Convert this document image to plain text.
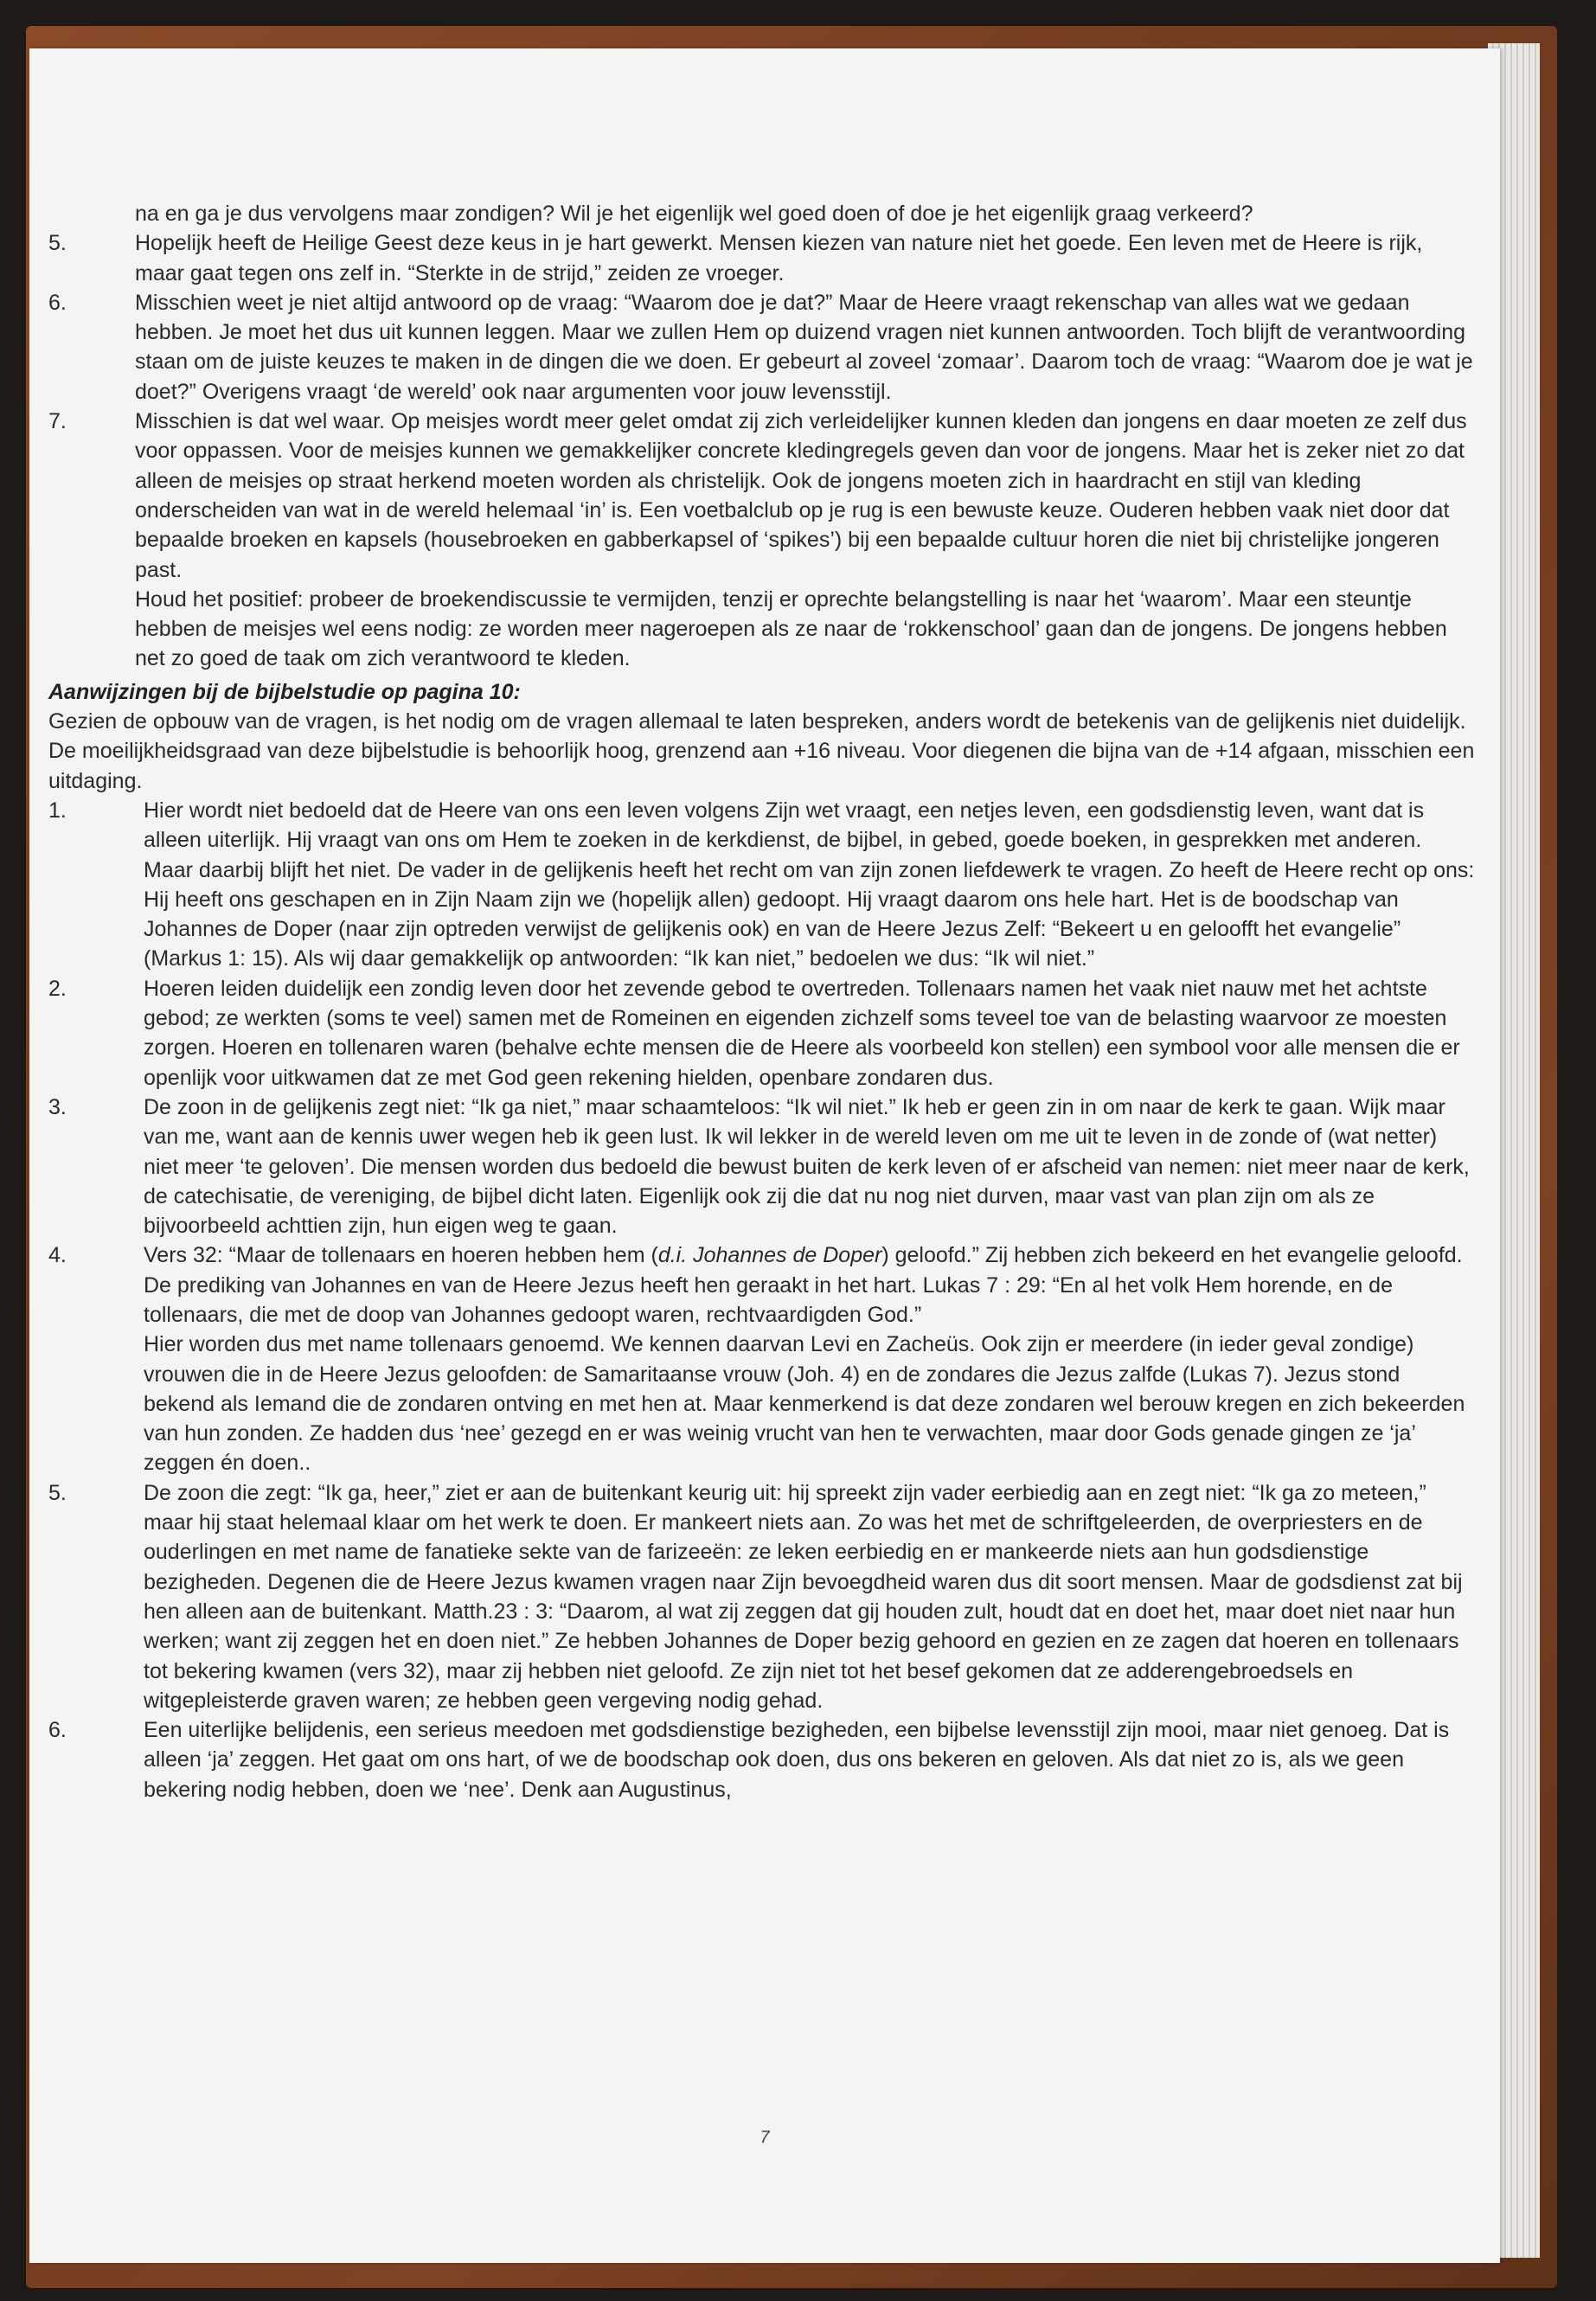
na en ga je dus vervolgens maar zondigen? Wil je het eigenlijk wel goed doen of doe je het eigenlijk graag verkeerd?

5.	Hopelijk heeft de Heilige Geest deze keus in je hart gewerkt. Mensen kiezen van nature niet het goede. Een leven met de Heere is rijk, maar gaat tegen ons zelf in. “Sterkte in de strijd,” zeiden ze vroeger.

6.	Misschien weet je niet altijd antwoord op de vraag: “Waarom doe je dat?” Maar de Heere vraagt rekenschap van alles wat we gedaan hebben. Je moet het dus uit kunnen leggen. Maar we zullen Hem op duizend vragen niet kunnen antwoorden. Toch blijft de verantwoording staan om de juiste keuzes te maken in de dingen die we doen. Er gebeurt al zoveel ‘zomaar’. Daarom toch de vraag: “Waarom doe je wat je doet?” Overigens vraagt ‘de wereld’ ook naar argumenten voor jouw levensstijl.

7.	Misschien is dat wel waar. Op meisjes wordt meer gelet omdat zij zich verleidelijker kunnen kleden dan jongens en daar moeten ze zelf dus voor oppassen. Voor de meisjes kunnen we gemakkelijker concrete kledingregels geven dan voor de jongens. Maar het is zeker niet zo dat alleen de meisjes op straat herkend moeten worden als christelijk. Ook de jongens moeten zich in haardracht en stijl van kleding onderscheiden van wat in de wereld helemaal ‘in’ is. Een voetbalclub op je rug is een bewuste keuze. Ouderen hebben vaak niet door dat bepaalde broeken en kapsels (housebroeken en gabberkapsel of ‘spikes’) bij een bepaalde cultuur horen die niet bij christelijke jongeren past.

Houd het positief: probeer de broekendiscussie te vermijden, tenzij er oprechte belangstelling is naar het ‘waarom’. Maar een steuntje hebben de meisjes wel eens nodig: ze worden meer nageroepen als ze naar de ‘rokkenschool’ gaan dan de jongens. De jongens hebben net zo goed de taak om zich verantwoord te kleden.

Aanwijzingen bij de bijbelstudie op pagina 10:

Gezien de opbouw van de vragen, is het nodig om de vragen allemaal te laten bespreken, anders wordt de betekenis van de gelijkenis niet duidelijk. De moeilijkheidsgraad van deze bijbelstudie is behoorlijk hoog, grenzend aan +16 niveau. Voor diegenen die bijna van de +14 afgaan, misschien een uitdaging.

1.	Hier wordt niet bedoeld dat de Heere van ons een leven volgens Zijn wet vraagt, een netjes leven, een godsdienstig leven, want dat is alleen uiterlijk. Hij vraagt van ons om Hem te zoeken in de kerkdienst, de bijbel, in gebed, goede boeken, in gesprekken met anderen. Maar daarbij blijft het niet. De vader in de gelijkenis heeft het recht om van zijn zonen liefdewerk te vragen. Zo heeft de Heere recht op ons: Hij heeft ons geschapen en in Zijn Naam zijn we (hopelijk allen) gedoopt. Hij vraagt daarom ons hele hart. Het is de boodschap van Johannes de Doper (naar zijn optreden verwijst de gelijkenis ook) en van de Heere Jezus Zelf: “Bekeert u en geloofft het evangelie” (Markus 1: 15). Als wij daar gemakkelijk op antwoorden: “Ik kan niet,” bedoelen we dus: “Ik wil niet.”

2.	Hoeren leiden duidelijk een zondig leven door het zevende gebod te overtreden. Tollenaars namen het vaak niet nauw met het achtste gebod; ze werkten (soms te veel) samen met de Romeinen en eigenden zichzelf soms teveel toe van de belasting waarvoor ze moesten zorgen. Hoeren en tollenaren waren (behalve echte mensen die de Heere als voorbeeld kon stellen) een symbool voor alle mensen die er openlijk voor uitkwamen dat ze met God geen rekening hielden, openbare zondaren dus.

3.	De zoon in de gelijkenis zegt niet: “Ik ga niet,” maar schaamteloos: “Ik wil niet.” Ik heb er geen zin in om naar de kerk te gaan. Wijk maar van me, want aan de kennis uwer wegen heb ik geen lust. Ik wil lekker in de wereld leven om me uit te leven in de zonde of (wat netter) niet meer ‘te geloven’. Die mensen worden dus bedoeld die bewust buiten de kerk leven of er afscheid van nemen: niet meer naar de kerk, de catechisatie, de vereniging, de bijbel dicht laten. Eigenlijk ook zij die dat nu nog niet durven, maar vast van plan zijn om als ze bijvoorbeeld achttien zijn, hun eigen weg te gaan.

4.	Vers 32: “Maar de tollenaars en hoeren hebben hem (d.i. Johannes de Doper) geloofd.” Zij hebben zich bekeerd en het evangelie geloofd. De prediking van Johannes en van de Heere Jezus heeft hen geraakt in het hart. Lukas 7 : 29: “En al het volk Hem horende, en de tollenaars, die met de doop van Johannes gedoopt waren, rechtvaardigden God.”

Hier worden dus met name tollenaars genoemd. We kennen daarvan Levi en Zacheüs. Ook zijn er meerdere (in ieder geval zondige) vrouwen die in de Heere Jezus geloofden: de Samaritaanse vrouw (Joh. 4) en de zondares die Jezus zalfde (Lukas 7). Jezus stond bekend als Iemand die de zondaren ontving en met hen at. Maar kenmerkend is dat deze zondaren wel berouw kregen en zich bekeerden van hun zonden. Ze hadden dus ‘nee’ gezegd en er was weinig vrucht van hen te verwachten, maar door Gods genade gingen ze ‘ja’ zeggen én doen..

5.	De zoon die zegt: “Ik ga, heer,” ziet er aan de buitenkant keurig uit: hij spreekt zijn vader eerbiedig aan en zegt niet: “Ik ga zo meteen,” maar hij staat helemaal klaar om het werk te doen. Er mankeert niets aan. Zo was het met de schriftgeleerden, de overpriesters en de ouderlingen en met name de fanatieke sekte van de farizeeën: ze leken eerbiedig en er mankeerde niets aan hun godsdienstige bezigheden. Degenen die de Heere Jezus kwamen vragen naar Zijn bevoegdheid waren dus dit soort mensen. Maar de godsdienst zat bij hen alleen aan de buitenkant. Matth.23 : 3: “Daarom, al wat zij zeggen dat gij houden zult, houdt dat en doet het, maar doet niet naar hun werken; want zij zeggen het en doen niet.” Ze hebben Johannes de Doper bezig gehoord en gezien en ze zagen dat hoeren en tollenaars tot bekering kwamen (vers 32), maar zij hebben niet geloofd. Ze zijn niet tot het besef gekomen dat ze adderengebroedsels en witgepleisterde graven waren; ze hebben geen vergeving nodig gehad.

6.	Een uiterlijke belijdenis, een serieus meedoen met godsdienstige bezigheden, een bijbelse levensstijl zijn mooi, maar niet genoeg. Dat is alleen ‘ja’ zeggen. Het gaat om ons hart, of we de boodschap ook doen, dus ons bekeren en geloven. Als dat niet zo is, als we geen bekering nodig hebben, doen we ‘nee’. Denk aan Augustinus,

7
